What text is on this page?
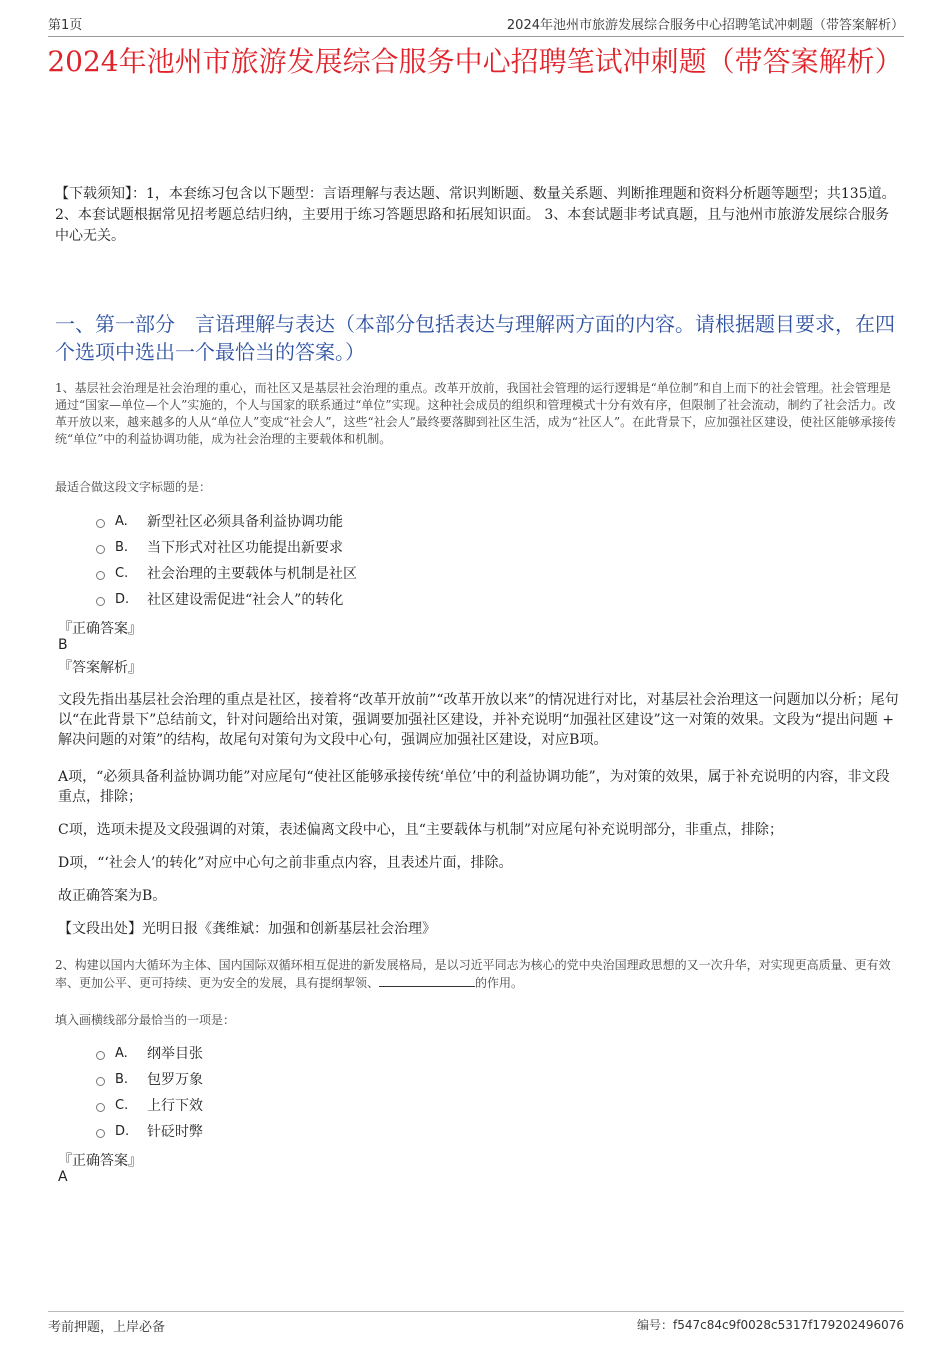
第1页	2024年池州市旅游发展综合服务中心招聘笔试冲刺题（带答案解析）
2024年池州市旅游发展综合服务中心招聘笔试冲刺题（带答案解析）
【下载须知】：1，本套练习包含以下题型：言语理解与表达题、常识判断题、数量关系题、判断推理题和资料分析题等题型；共135道。 2、本套试题根据常见招考题总结归纳，主要用于练习答题思路和拓展知识面。 3、本套试题非考试真题，且与池州市旅游发展综合服务中心无关。
一、第一部分　言语理解与表达（本部分包括表达与理解两方面的内容。请根据题目要求，在四个选项中选出一个最恰当的答案。）
1、基层社会治理是社会治理的重心，而社区又是基层社会治理的重点。改革开放前，我国社会管理的运行逻辑是“单位制”和自上而下的社会管理。社会管理是通过“国家—单位—个人”实施的，个人与国家的联系通过“单位”实现。这种社会成员的组织和管理模式十分有效有序，但限制了社会流动，制约了社会活力。改革开放以来，越来越多的人从“单位人”变成“社会人”，这些“社会人”最终要落脚到社区生活，成为“社区人”。在此背景下，应加强社区建设，使社区能够承接传统“单位”中的利益协调功能，成为社会治理的主要载体和机制。
最适合做这段文字标题的是：
A.	新型社区必须具备利益协调功能
B.	当下形式对社区功能提出新要求
C.	社会治理的主要载体与机制是社区
D.	社区建设需促进“社会人”的转化
『正确答案』
B
『答案解析』
文段先指出基层社会治理的重点是社区，接着将“改革开放前”“改革开放以来”的情况进行对比，对基层社会治理这一问题加以分析；尾句以“在此背景下”总结前文，针对问题给出对策，强调要加强社区建设，并补充说明“加强社区建设”这一对策的效果。文段为“提出问题 + 解决问题的对策”的结构，故尾句对策句为文段中心句，强调应加强社区建设，对应B项。
A项，“必须具备利益协调功能”对应尾句“使社区能够承接传统‘单位’中的利益协调功能”，为对策的效果，属于补充说明的内容，非文段重点，排除；
C项，选项未提及文段强调的对策，表述偏离文段中心，且“主要载体与机制”对应尾句补充说明部分，非重点，排除；
D项，“‘社会人’的转化”对应中心句之前非重点内容，且表述片面，排除。
故正确答案为B。
【文段出处】光明日报《龚维斌：加强和创新基层社会治理》
2、构建以国内大循环为主体、国内国际双循环相互促进的新发展格局，是以习近平同志为核心的党中央治国理政思想的又一次升华，对实现更高质量、更有效率、更加公平、更可持续、更为安全的发展，具有提纲挈领、	的作用。
填入画横线部分最恰当的一项是：
A.	纲举目张
B.	包罗万象
C.	上行下效
D.	针砭时弊
『正确答案』
A
考前押题，上岸必备	编号：f547c84c9f0028c5317f179202496076
